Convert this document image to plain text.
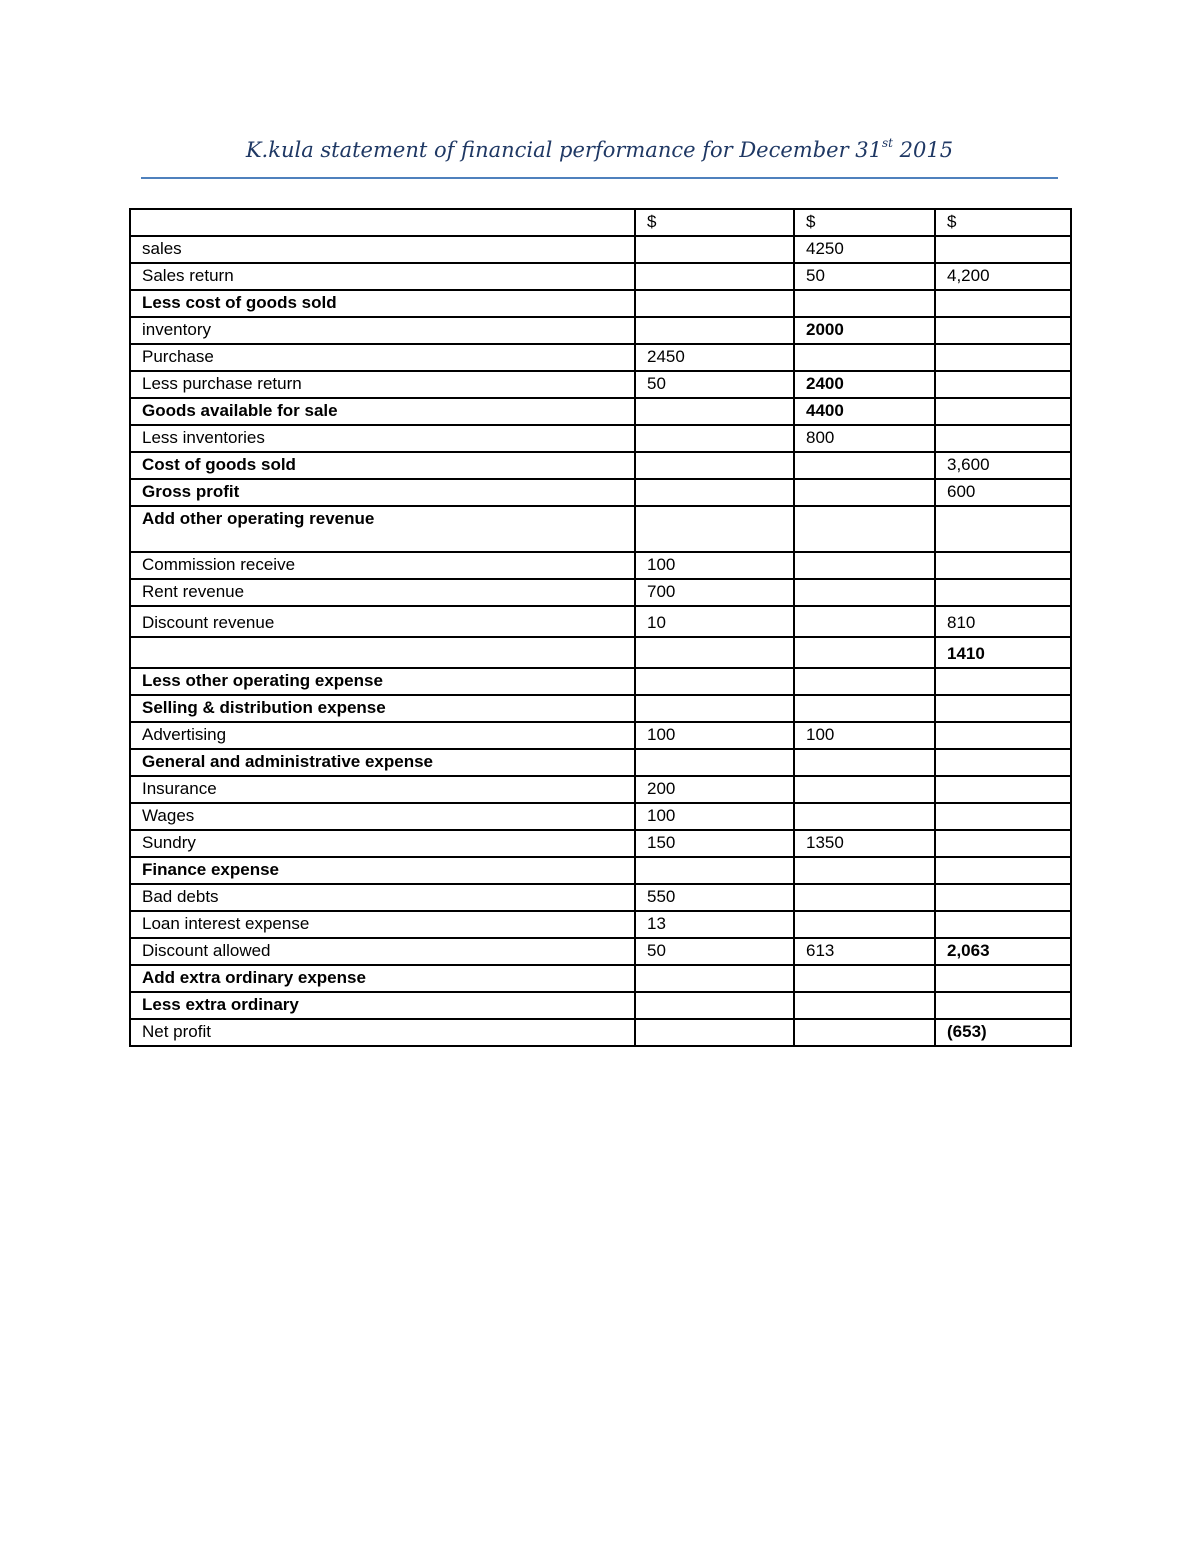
K.kula statement of financial performance for December 31st 2015
	$	$	$
sales		4250	
Sales return		50	4,200
Less cost of goods sold			
inventory		2000	
Purchase	2450		
Less purchase return	50	2400	
Goods available for sale		4400	
Less inventories		800	
Cost of goods sold			3,600
Gross profit			600
Add other operating revenue			
Commission receive	100		
Rent revenue	700		
Discount revenue	10		810
			1410
Less other operating expense			
Selling & distribution expense			
Advertising	100	100	
General and administrative expense			
Insurance	200		
Wages	100		
Sundry	150	1350	
Finance expense			
Bad debts	550		
Loan interest expense	13		
Discount allowed	50	613	2,063
Add extra ordinary expense			
Less extra ordinary			
Net profit			(653)
